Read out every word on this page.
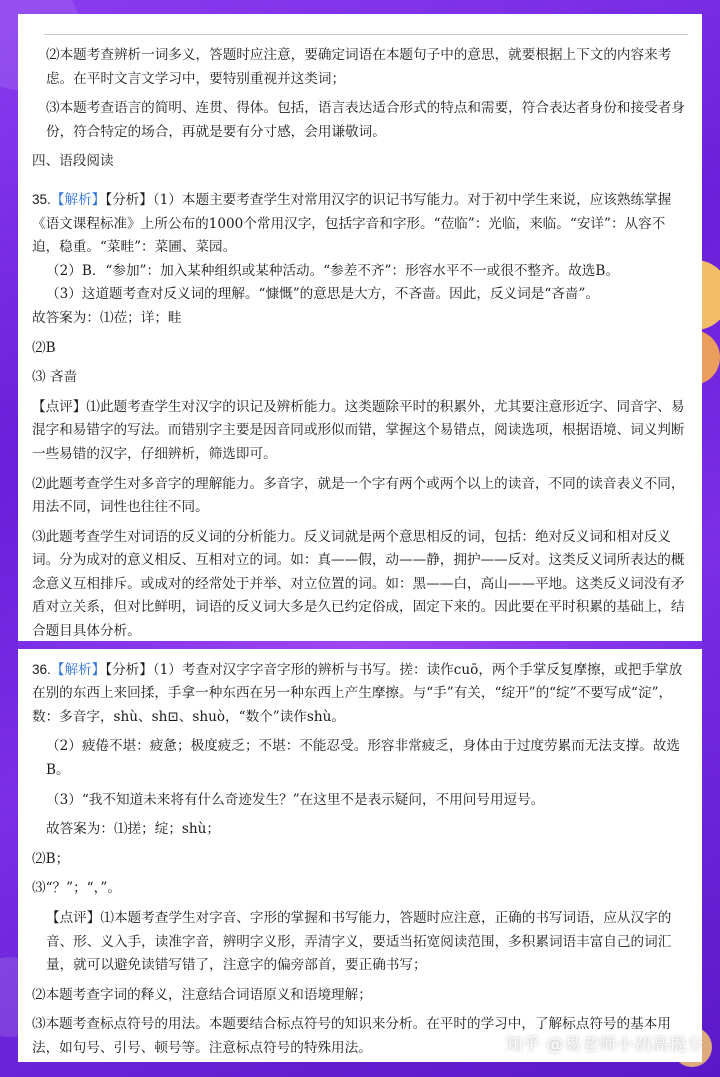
⑵本题考查辨析一词多义，答题时应注意，要确定词语在本题句子中的意思，就要根据上下文的内容来考虑。在平时文言文学习中，要特别重视并这类词；

⑶本题考查语言的简明、连贯、得体。包括，语言表达适合形式的特点和需要，符合表达者身份和接受者身份，符合特定的场合，再就是要有分寸感，会用谦敬词。

四、语段阅读

35.【解析】【分析】（1）本题主要考查学生对常用汉字的识记书写能力。对于初中学生来说，应该熟练掌握《语文课程标准》上所公布的1000个常用汉字，包括字音和字形。“莅临”：光临，来临。“安详”：从容不迫，稳重。“菜畦”：菜圃、菜园。

（2）B．“参加”：加入某种组织或某种活动。“参差不齐”：形容水平不一或很不整齐。故选B。

（3）这道题考查对反义词的理解。“慷慨”的意思是大方，不吝啬。因此，反义词是“吝啬”。

故答案为：⑴莅；详；畦

⑵B

⑶ 吝啬

【点评】⑴此题考查学生对汉字的识记及辨析能力。这类题除平时的积累外，尤其要注意形近字、同音字、易混字和易错字的写法。而错别字主要是因音同或形似而错，掌握这个易错点，阅读选项，根据语境、词义判断一些易错的汉字，仔细辨析，筛选即可。

⑵此题考查学生对多音字的理解能力。多音字，就是一个字有两个或两个以上的读音，不同的读音表义不同，用法不同，词性也往往不同。

⑶此题考查学生对词语的反义词的分析能力。反义词就是两个意思相反的词，包括：绝对反义词和相对反义词。分为成对的意义相反、互相对立的词。如：真——假，动——静，拥护——反对。这类反义词所表达的概念意义互相排斥。或成对的经常处于并举、对立位置的词。如：黑——白，高山——平地。这类反义词没有矛盾对立关系，但对比鲜明，词语的反义词大多是久已约定俗成，固定下来的。因此要在平时积累的基础上，结合题目具体分析。

36.【解析】【分析】（1）考查对汉字字音字形的辨析与书写。搓：读作cuō，两个手掌反复摩擦，或把手掌放在别的东西上来回揉，手拿一种东西在另一种东西上产生摩擦。与“手”有关，“绽开”的“绽”不要写成“淀”，数：多音字，shù、sh⊡、shuò，“数个”读作shù。

（2）疲倦不堪：疲惫；极度疲乏；不堪：不能忍受。形容非常疲乏，身体由于过度劳累而无法支撑。故选B。

（3）“我不知道未来将有什么奇迹发生？”在这里不是表示疑问，不用问号用逗号。

故答案为：⑴搓；绽；shù；

⑵B；

⑶“？”；“，”。

【点评】⑴本题考查学生对字音、字形的掌握和书写能力，答题时应注意，正确的书写词语，应从汉字的音、形、义入手，读准字音，辨明字义形，弄清字义，要适当拓宽阅读范围，多积累词语丰富自己的词汇量，就可以避免读错写错了，注意字的偏旁部首，要正确书写；

⑵本题考查字词的释义，注意结合词语原义和语境理解；

⑶本题考查标点符号的用法。本题要结合标点符号的知识来分析。在平时的学习中，了解标点符号的基本用法，如句号、引号、顿号等。注意标点符号的特殊用法。	知乎 @易老师小初高提分
